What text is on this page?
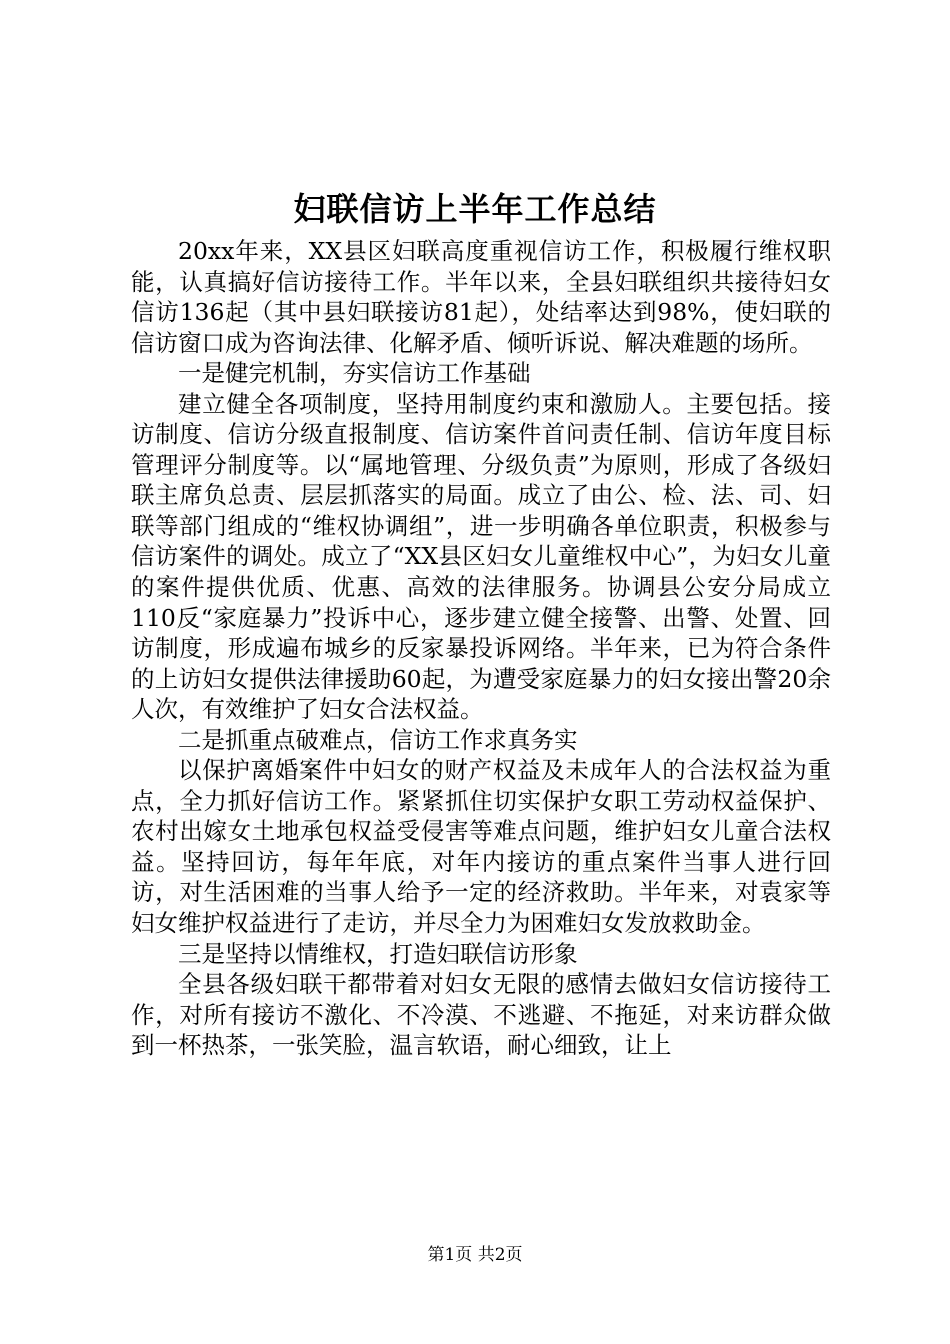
妇联信访上半年工作总结

20xx年来，XX县区妇联高度重视信访工作，积极履行维权职能，认真搞好信访接待工作。半年以来，全县妇联组织共接待妇女信访136起（其中县妇联接访81起），处结率达到98%，使妇联的信访窗口成为咨询法律、化解矛盾、倾听诉说、解决难题的场所。

一是健完机制，夯实信访工作基础

建立健全各项制度，坚持用制度约束和激励人。主要包括。接访制度、信访分级直报制度、信访案件首问责任制、信访年度目标管理评分制度等。以“属地管理、分级负责”为原则，形成了各级妇联主席负总责、层层抓落实的局面。成立了由公、检、法、司、妇联等部门组成的“维权协调组”，进一步明确各单位职责，积极参与信访案件的调处。成立了“XX县区妇女儿童维权中心”，为妇女儿童的案件提供优质、优惠、高效的法律服务。协调县公安分局成立110反“家庭暴力”投诉中心，逐步建立健全接警、出警、处置、回访制度，形成遍布城乡的反家暴投诉网络。半年来，已为符合条件的上访妇女提供法律援助60起，为遭受家庭暴力的妇女接出警20余人次，有效维护了妇女合法权益。

二是抓重点破难点，信访工作求真务实

以保护离婚案件中妇女的财产权益及未成年人的合法权益为重点，全力抓好信访工作。紧紧抓住切实保护女职工劳动权益保护、农村出嫁女土地承包权益受侵害等难点问题，维护妇女儿童合法权益。坚持回访，每年年底，对年内接访的重点案件当事人进行回访，对生活困难的当事人给予一定的经济救助。半年来，对袁家等妇女维护权益进行了走访，并尽全力为困难妇女发放救助金。

三是坚持以情维权，打造妇联信访形象

全县各级妇联干都带着对妇女无限的感情去做妇女信访接待工作，对所有接访不激化、不冷漠、不逃避、不拖延，对来访群众做到一杯热茶，一张笑脸，温言软语，耐心细致，让上

第1页 共2页
